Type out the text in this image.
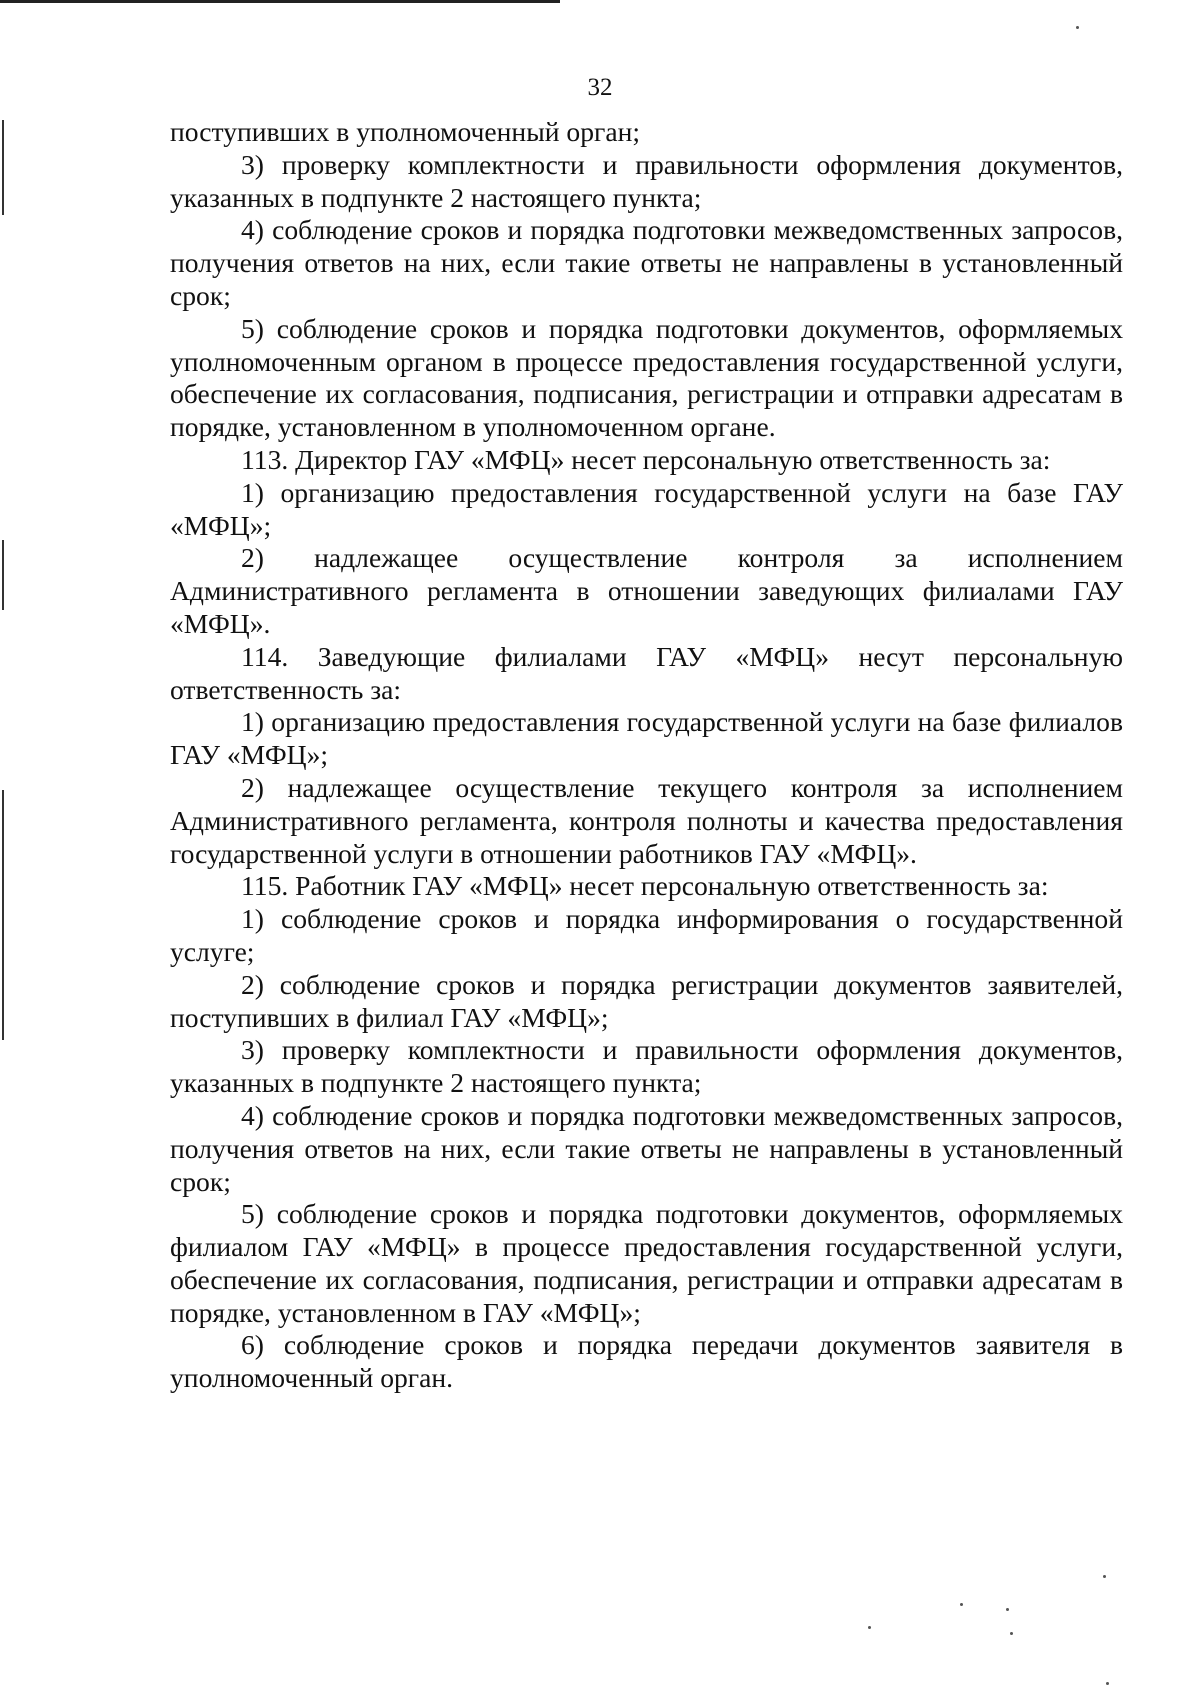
32

поступивших в уполномоченный орган;

3) проверку комплектности и правильности оформления документов, указанных в подпункте 2 настоящего пункта;

4) соблюдение сроков и порядка подготовки межведомственных запросов, получения ответов на них, если такие ответы не направлены в установленный срок;

5) соблюдение сроков и порядка подготовки документов, оформляемых уполномоченным органом в процессе предоставления государственной услуги, обеспечение их согласования, подписания, регистрации и отправки адресатам в порядке, установленном в уполномоченном органе.

113. Директор ГАУ «МФЦ» несет персональную ответственность за:

1) организацию предоставления государственной услуги на базе ГАУ «МФЦ»;

2) надлежащее осуществление контроля за исполнением Административного регламента в отношении заведующих филиалами ГАУ «МФЦ».

114. Заведующие филиалами ГАУ «МФЦ» несут персональную ответственность за:

1) организацию предоставления государственной услуги на базе филиалов ГАУ «МФЦ»;

2) надлежащее осуществление текущего контроля за исполнением Административного регламента, контроля полноты и качества предоставления государственной услуги в отношении работников ГАУ «МФЦ».

115. Работник ГАУ «МФЦ» несет персональную ответственность за:

1) соблюдение сроков и порядка информирования о государственной услуге;

2) соблюдение сроков и порядка регистрации документов заявителей, поступивших в филиал ГАУ «МФЦ»;

3) проверку комплектности и правильности оформления документов, указанных в подпункте 2 настоящего пункта;

4) соблюдение сроков и порядка подготовки межведомственных запросов, получения ответов на них, если такие ответы не направлены в установленный срок;

5) соблюдение сроков и порядка подготовки документов, оформляемых филиалом ГАУ «МФЦ» в процессе предоставления государственной услуги, обеспечение их согласования, подписания, регистрации и отправки адресатам в порядке, установленном в ГАУ «МФЦ»;

6) соблюдение сроков и порядка передачи документов заявителя в уполномоченный орган.
